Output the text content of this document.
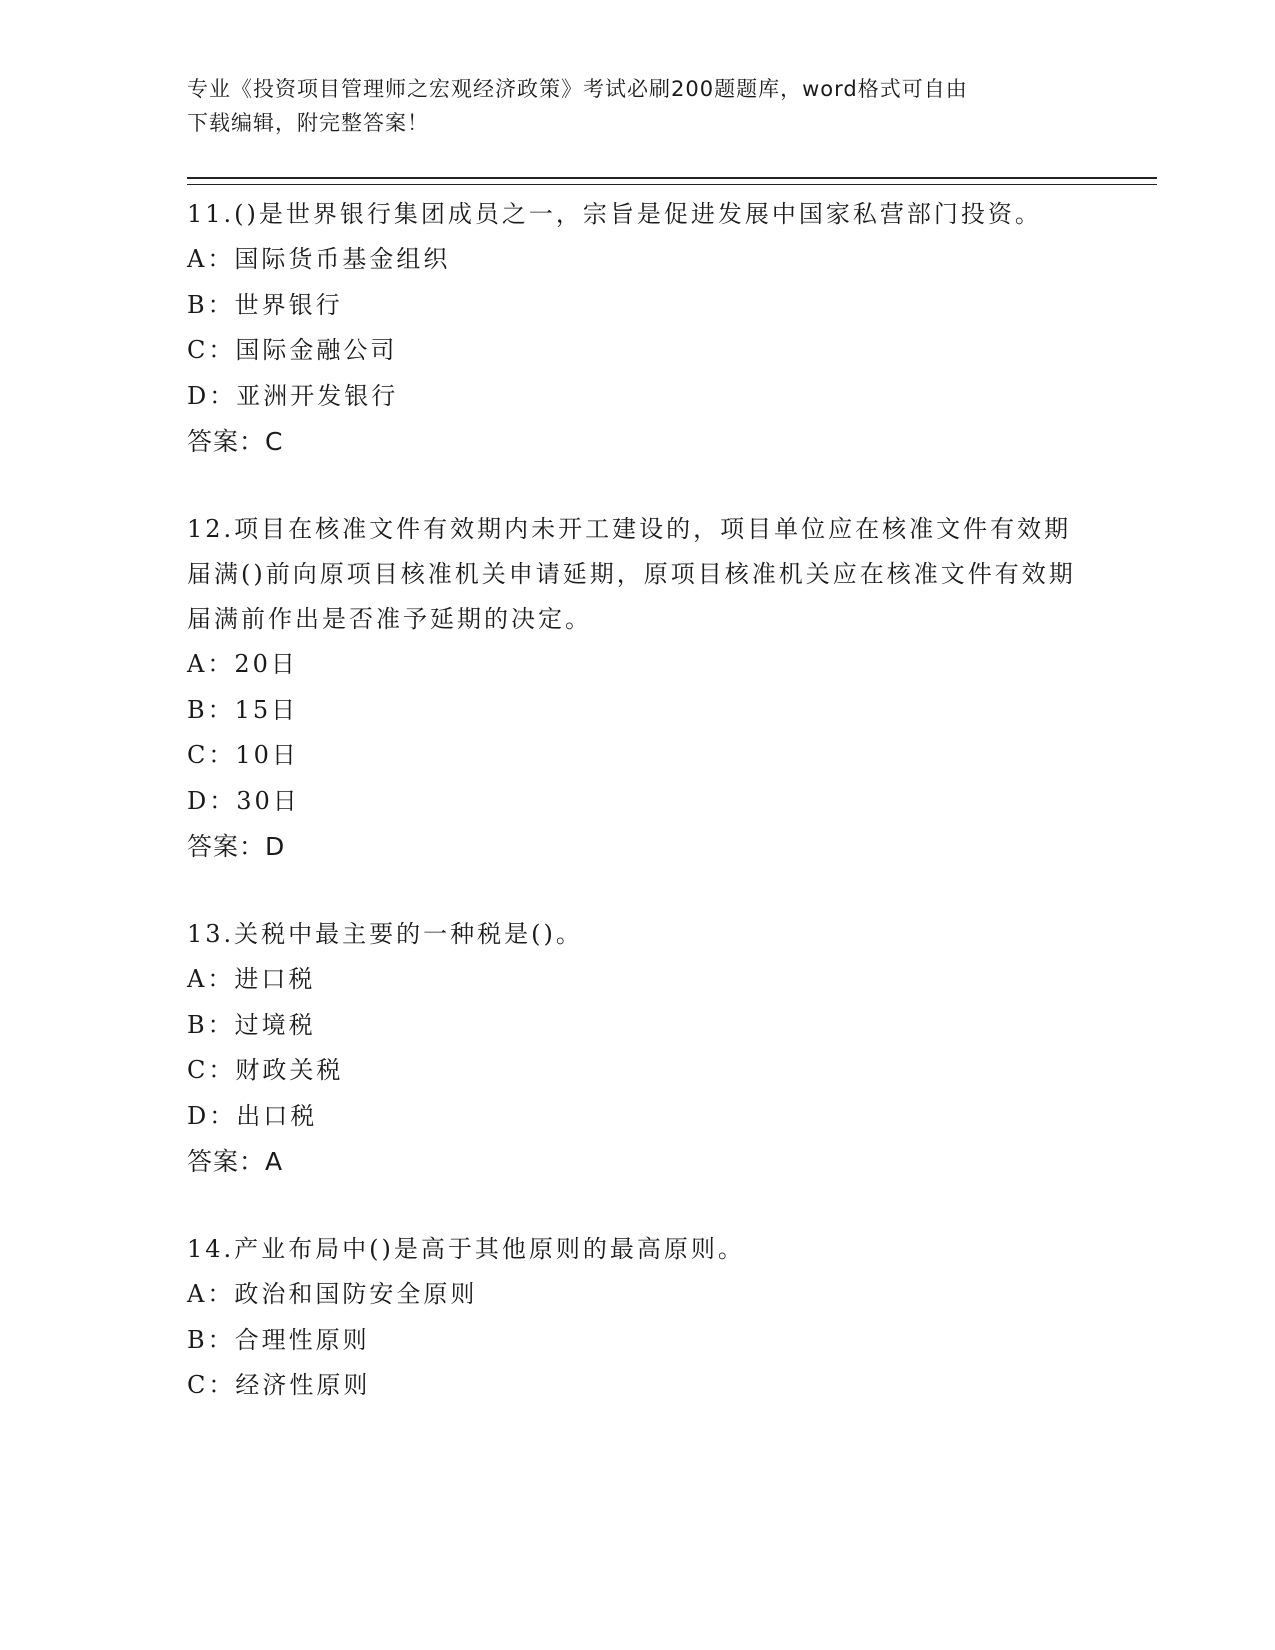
专业《投资项目管理师之宏观经济政策》考试必刷200题题库，word格式可自由
下载编辑，附完整答案！

11.()是世界银行集团成员之一，宗旨是促进发展中国家私营部门投资。

A：国际货币基金组织
B：世界银行
C：国际金融公司
D：亚洲开发银行
答案：C

12.项目在核准文件有效期内未开工建设的，项目单位应在核准文件有效期届满()前向原项目核准机关申请延期，原项目核准机关应在核准文件有效期届满前作出是否准予延期的决定。

A：20日
B：15日
C：10日
D：30日
答案：D

13.关税中最主要的一种税是()。

A：进口税
B：过境税
C：财政关税
D：出口税
答案：A

14.产业布局中()是高于其他原则的最高原则。

A：政治和国防安全原则
B：合理性原则
C：经济性原则
